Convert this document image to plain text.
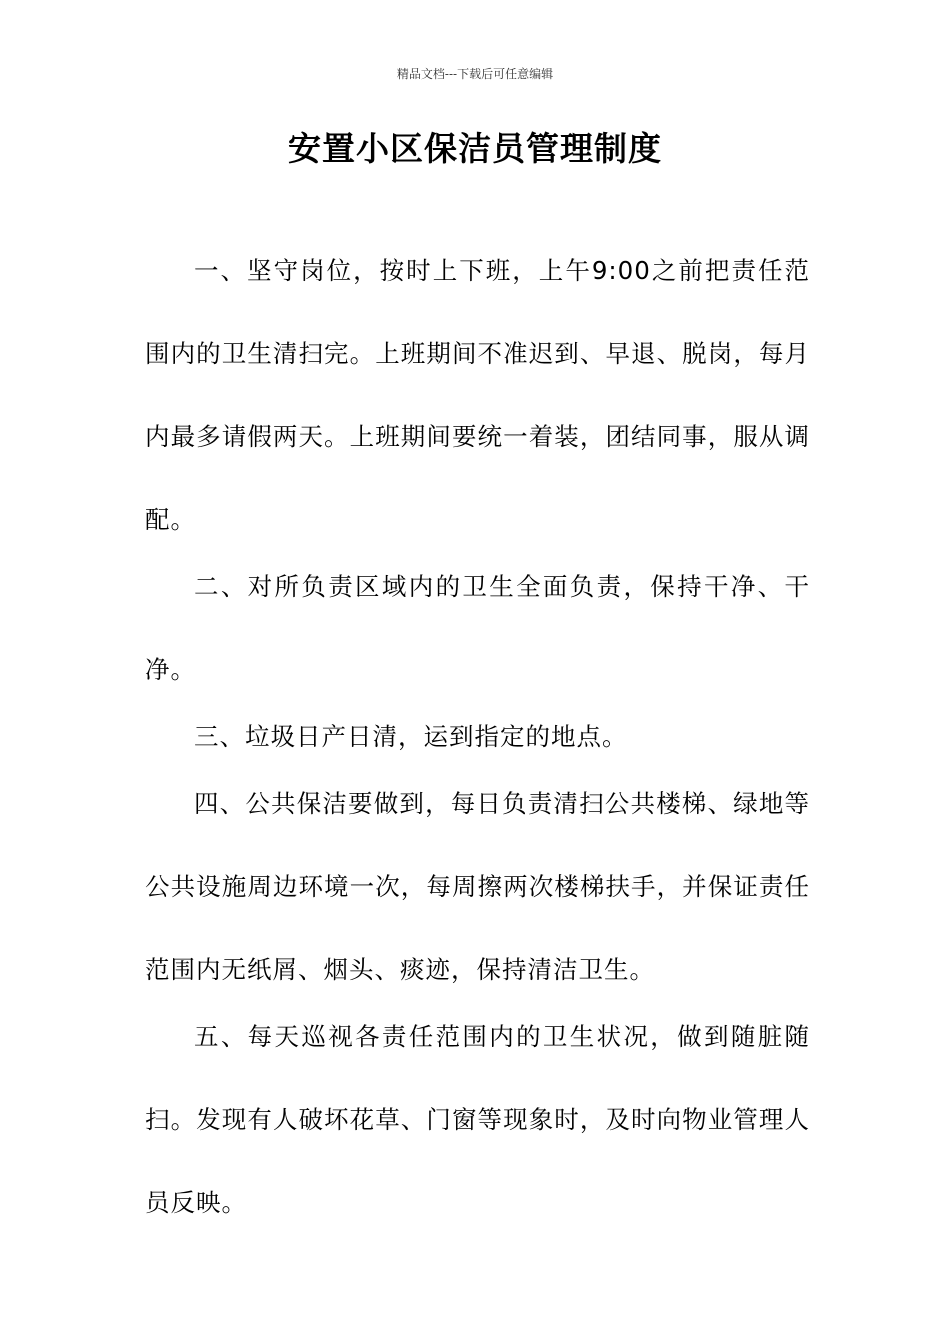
精品文档---下载后可任意编辑
安置小区保洁员管理制度

一、坚守岗位，按时上下班，上午9:00之前把责任范围内的卫生清扫完。上班期间不准迟到、早退、脱岗，每月内最多请假两天。上班期间要统一着装，团结同事，服从调配。

二、对所负责区域内的卫生全面负责，保持干净、干净。

三、垃圾日产日清，运到指定的地点。

四、公共保洁要做到，每日负责清扫公共楼梯、绿地等公共设施周边环境一次，每周擦两次楼梯扶手，并保证责任范围内无纸屑、烟头、痰迹，保持清洁卫生。

五、每天巡视各责任范围内的卫生状况，做到随脏随扫。发现有人破坏花草、门窗等现象时，及时向物业管理人员反映。
